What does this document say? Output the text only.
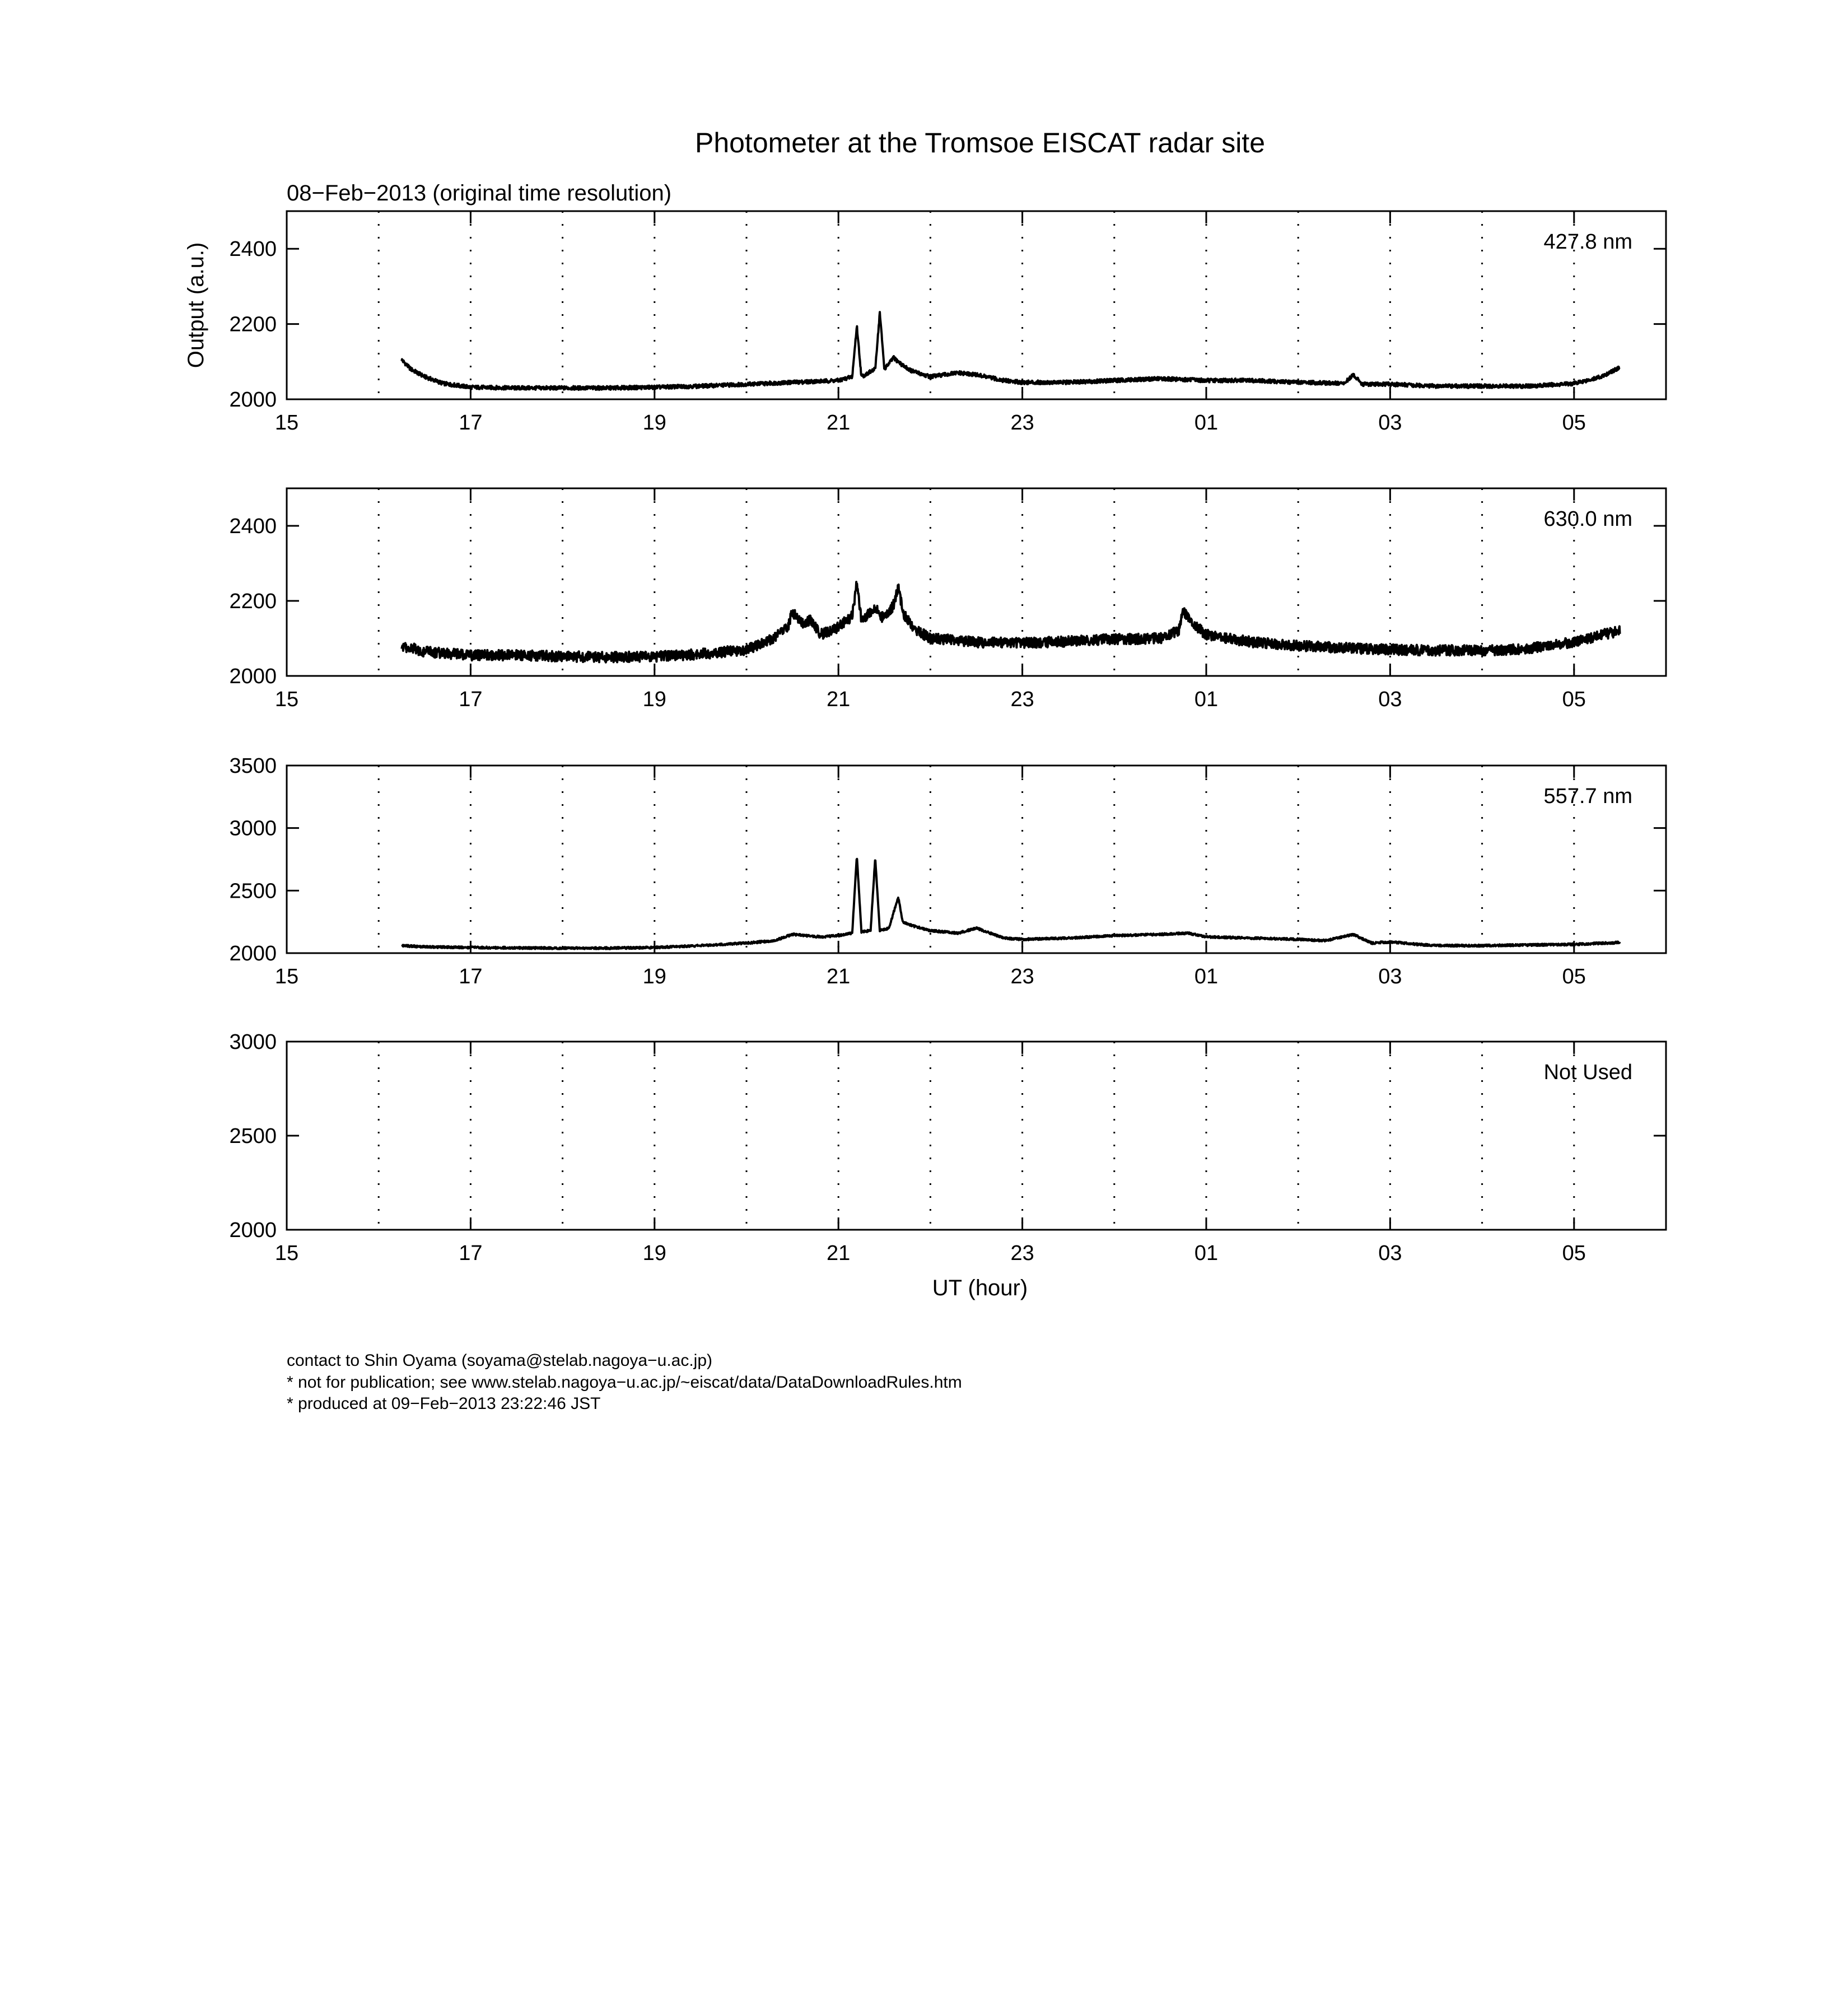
Photometer at the Tromsoe EISCAT radar site
08−Feb−2013 (original time resolution)
Output (a.u.)
UT (hour)
15	17	19	21	23	01	03	05
2000
2200
2400	427.8 nm
15	17	19	21	23	01	03	05
2000
2200
2400	630.0 nm
15	17	19	21	23	01	03	05
2000
2500
3000
3500
557.7 nm
15	17	19	21	23	01	03	05
2000
2500
3000
Not Used
contact to Shin Oyama (soyama@stelab.nagoya−u.ac.jp)
* not for publication; see www.stelab.nagoya−u.ac.jp/~eiscat/data/DataDownloadRules.htm
* produced at 09−Feb−2013 23:22:46 JST
